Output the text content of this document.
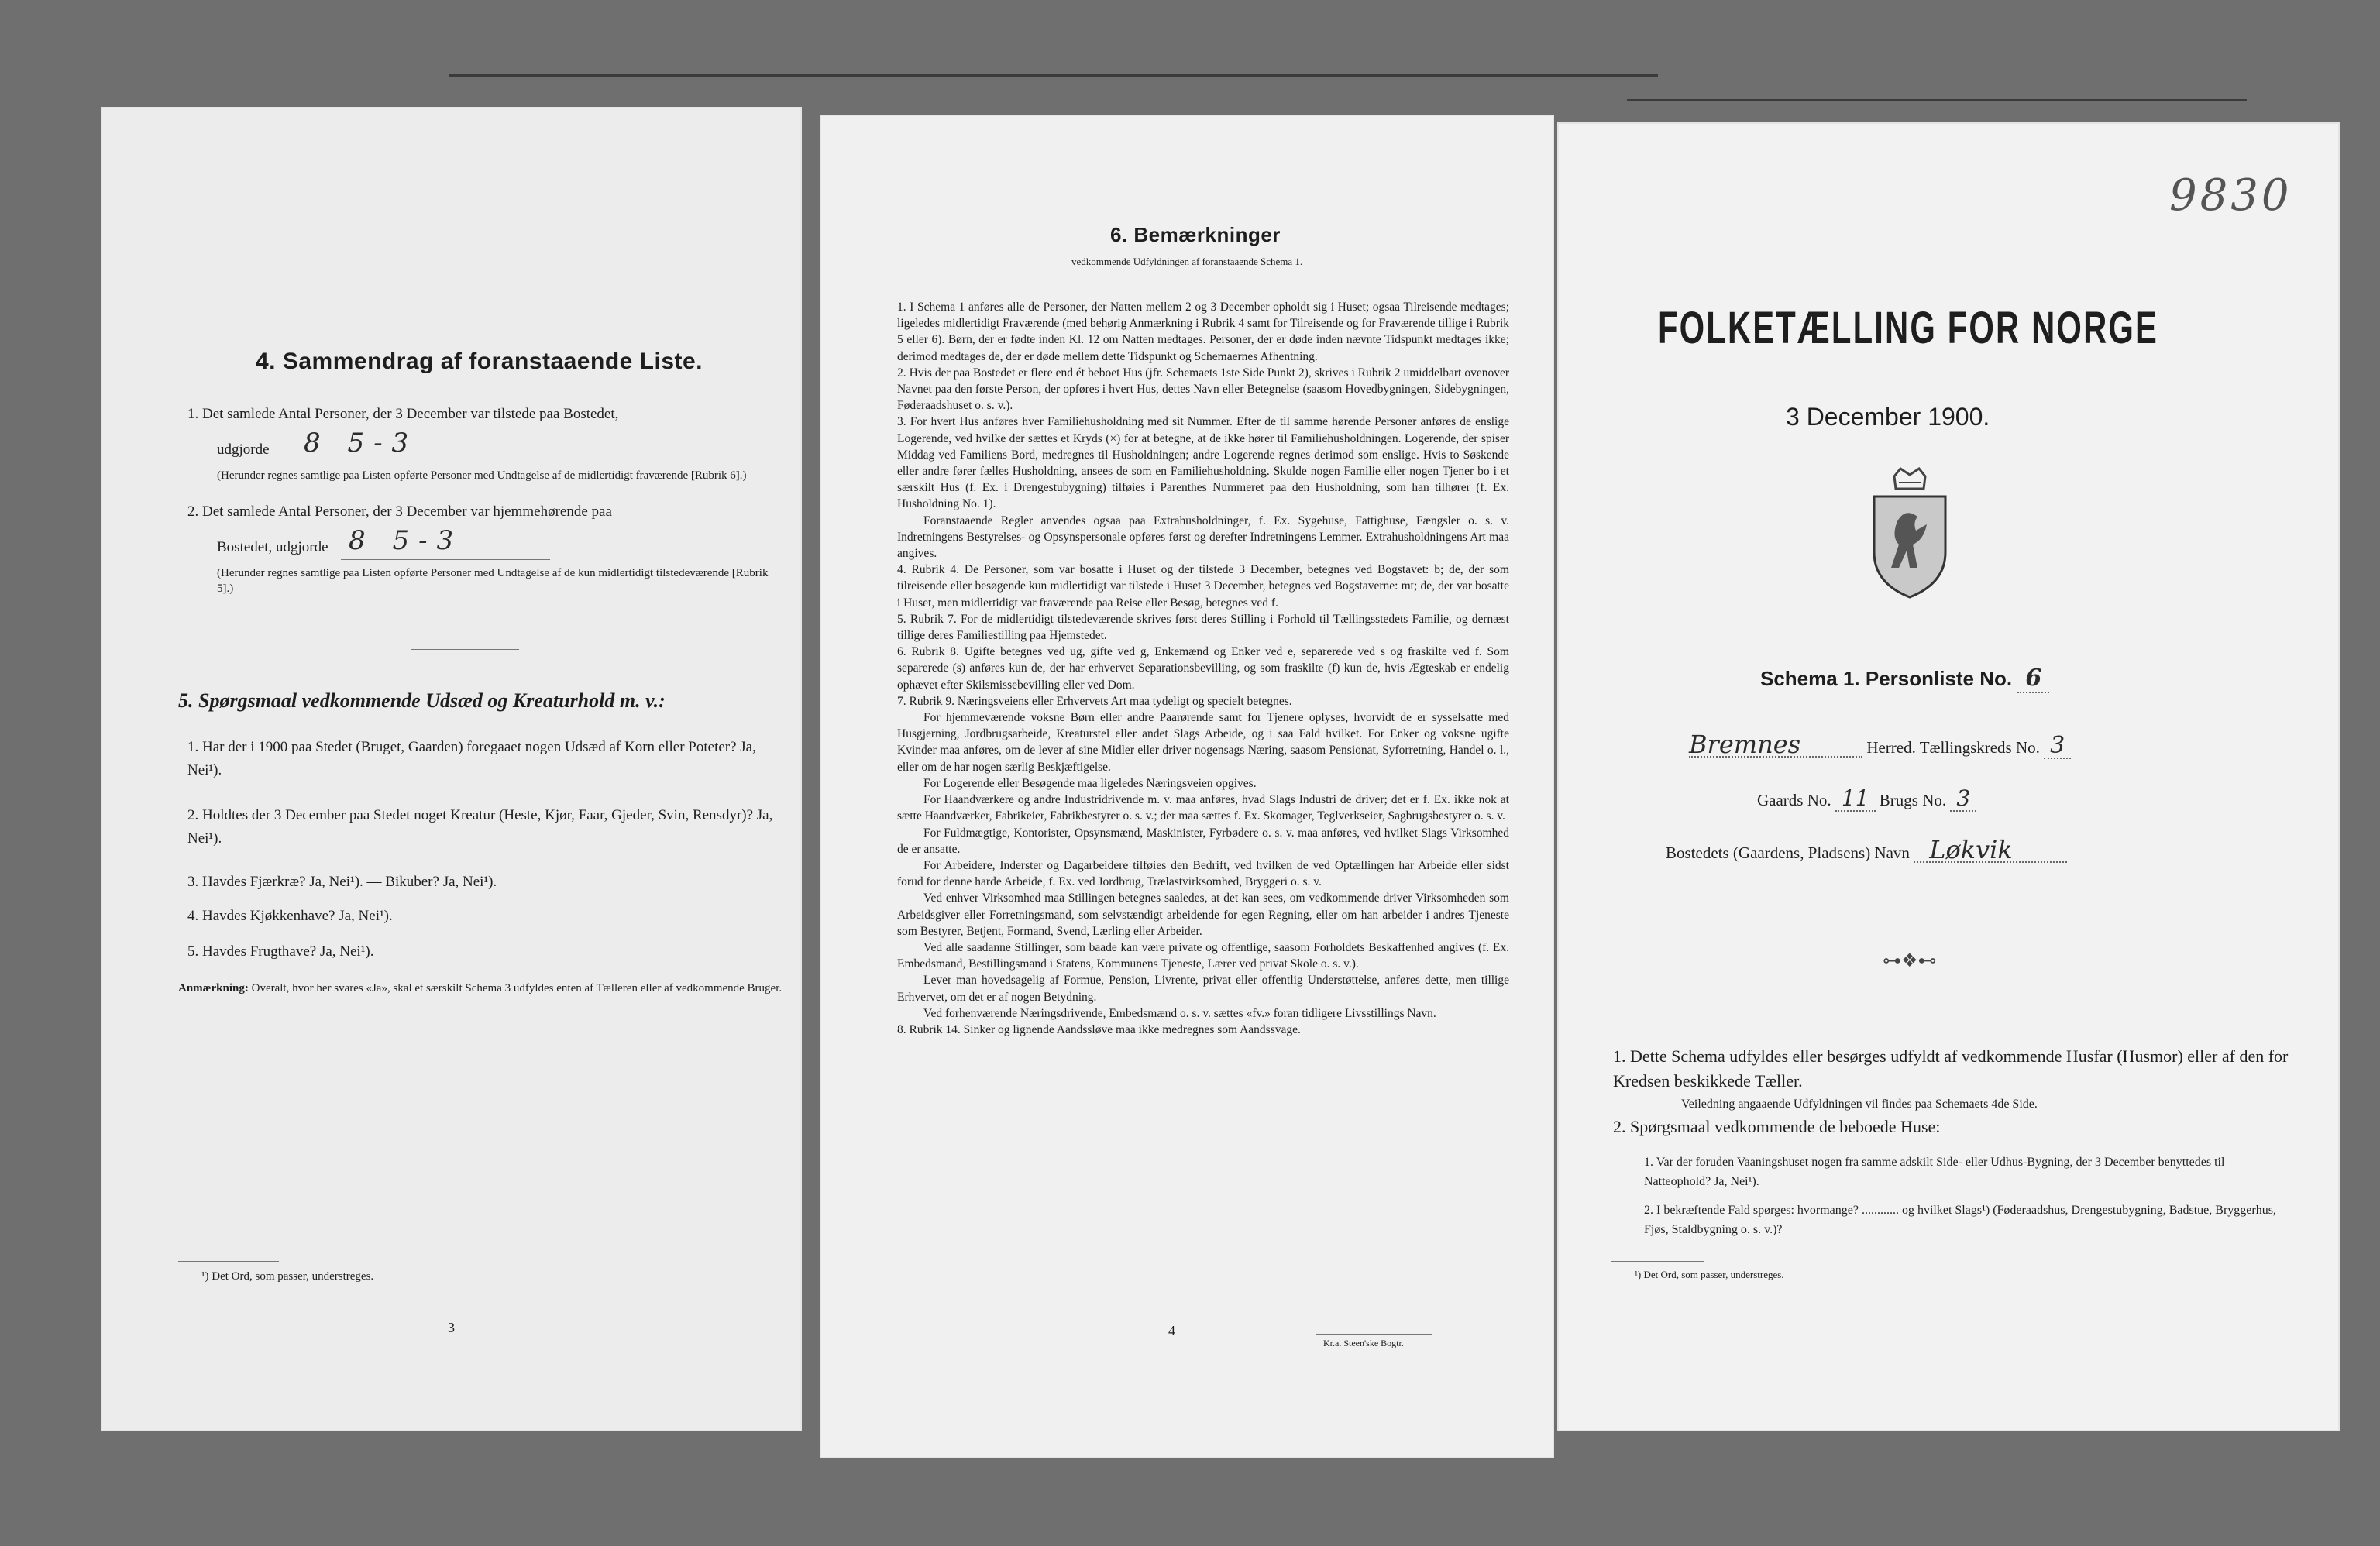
4. Sammendrag af foranstaaende Liste.
1. Det samlede Antal Personer, der 3 December var tilstede paa Bostedet,
udgjorde 8 5-3
(Herunder regnes samtlige paa Listen opførte Personer med Undtagelse af de midlertidigt fraværende [Rubrik 6].)
2. Det samlede Antal Personer, der 3 December var hjemmehørende paa
Bostedet, udgjorde 8 5-3
(Herunder regnes samtlige paa Listen opførte Personer med Undtagelse af de kun midlertidigt tilstedeværende [Rubrik 5].)
5. Spørgsmaal vedkommende Udsæd og Kreaturhold m. v.:
1. Har der i 1900 paa Stedet (Bruget, Gaarden) foregaaet nogen Udsæd af Korn eller Poteter? Ja, Nei¹).
2. Holdtes der 3 December paa Stedet noget Kreatur (Heste, Kjør, Faar, Gjeder, Svin, Rensdyr)? Ja, Nei¹).
3. Havdes Fjærkræ? Ja, Nei¹). — Bikuber? Ja, Nei¹).
4. Havdes Kjøkkenhave? Ja, Nei¹).
5. Havdes Frugthave? Ja, Nei¹).
Anmærkning: Overalt, hvor her svares «Ja», skal et særskilt Schema 3 udfyldes enten af Tælleren eller af vedkommende Bruger.
¹) Det Ord, som passer, understreges.
3
6. Bemærkninger
vedkommende Udfyldningen af foranstaaende Schema 1.

1. I Schema 1 anføres alle de Personer, der Natten mellem 2 og 3 December opholdt sig i Huset; ogsaa Tilreisende medtages; ligeledes midlertidigt Fraværende (med behørig Anmærkning i Rubrik 4 samt for Tilreisende og for Fraværende tillige i Rubrik 5 eller 6). Børn, der er fødte inden Kl. 12 om Natten medtages. Personer, der er døde inden nævnte Tidspunkt medtages ikke; derimod medtages de, der er døde mellem dette Tidspunkt og Schemaernes Afhentning.

2. Hvis der paa Bostedet er flere end ét beboet Hus (jfr. Schemaets 1ste Side Punkt 2), skrives i Rubrik 2 umiddelbart ovenover Navnet paa den første Person, der opføres i hvert Hus, dettes Navn eller Betegnelse (saasom Hovedbygningen, Sidebygningen, Føderaadshuset o. s. v.).

3. For hvert Hus anføres hver Familiehusholdning med sit Nummer. Efter de til samme hørende Personer anføres de enslige Logerende, ved hvilke der sættes et Kryds (×) for at betegne, at de ikke hører til Familiehusholdningen. Logerende, der spiser Middag ved Familiens Bord, medregnes til Husholdningen; andre Logerende regnes derimod som enslige. Hvis to Søskende eller andre fører fælles Husholdning, ansees de som en Familiehusholdning. Skulde nogen Familie eller nogen Tjener bo i et særskilt Hus (f. Ex. i Drengestubygning) tilføies i Parenthes Nummeret paa den Husholdning, som han tilhører (f. Ex. Husholdning No. 1).

Foranstaaende Regler anvendes ogsaa paa Extrahusholdninger, f. Ex. Sygehuse, Fattighuse, Fængsler o. s. v. Indretningens Bestyrelses- og Opsynspersonale opføres først og derefter Indretningens Lemmer. Extrahusholdningens Art maa angives.

4. Rubrik 4. De Personer, som var bosatte i Huset og der tilstede 3 December, betegnes ved Bogstavet: b; de, der som tilreisende eller besøgende kun midlertidigt var tilstede i Huset 3 December, betegnes ved Bogstaverne: mt; de, der var bosatte i Huset, men midlertidigt var fraværende paa Reise eller Besøg, betegnes ved f.

5. Rubrik 7. For de midlertidigt tilstedeværende skrives først deres Stilling i Forhold til Tællingsstedets Familie, og dernæst tillige deres Familiestilling paa Hjemstedet.

6. Rubrik 8. Ugifte betegnes ved ug, gifte ved g, Enkemænd og Enker ved e, separerede ved s og fraskilte ved f. Som separerede (s) anføres kun de, der har erhvervet Separationsbevilling, og som fraskilte (f) kun de, hvis Ægteskab er endelig ophævet efter Skilsmissebevilling eller ved Dom.

7. Rubrik 9. Næringsveiens eller Erhvervets Art maa tydeligt og specielt betegnes.

For hjemmeværende voksne Børn eller andre Paarørende samt for Tjenere oplyses, hvorvidt de er sysselsatte med Husgjerning, Jordbrugsarbeide, Kreaturstel eller andet Slags Arbeide, og i saa Fald hvilket. For Enker og voksne ugifte Kvinder maa anføres, om de lever af sine Midler eller driver nogensags Næring, saasom Pensionat, Syforretning, Handel o. l., eller om de har nogen særlig Beskjæftigelse.

For Logerende eller Besøgende maa ligeledes Næringsveien opgives.

For Haandværkere og andre Industridrivende m. v. maa anføres, hvad Slags Industri de driver; det er f. Ex. ikke nok at sætte Haandværker, Fabrikeier, Fabrikbestyrer o. s. v.; der maa sættes f. Ex. Skomager, Teglverkseier, Sagbrugsbestyrer o. s. v.

For Fuldmægtige, Kontorister, Opsynsmænd, Maskinister, Fyrbødere o. s. v. maa anføres, ved hvilket Slags Virksomhed de er ansatte.

For Arbeidere, Inderster og Dagarbeidere tilføies den Bedrift, ved hvilken de ved Optællingen har Arbeide eller sidst forud for denne harde Arbeide, f. Ex. ved Jordbrug, Trælastvirksomhed, Bryggeri o. s. v.

Ved enhver Virksomhed maa Stillingen betegnes saaledes, at det kan sees, om vedkommende driver Virksomheden som Arbeidsgiver eller Forretningsmand, som selvstændigt arbeidende for egen Regning, eller om han arbeider i andres Tjeneste som Bestyrer, Betjent, Formand, Svend, Lærling eller Arbeider.

Ved alle saadanne Stillinger, som baade kan være private og offentlige, saasom Forholdets Beskaffenhed angives (f. Ex. Embedsmand, Bestillingsmand i Statens, Kommunens Tjeneste, Lærer ved privat Skole o. s. v.).

Lever man hovedsagelig af Formue, Pension, Livrente, privat eller offentlig Understøttelse, anføres dette, men tillige Erhvervet, om det er af nogen Betydning.

Ved forhenværende Næringsdrivende, Embedsmænd o. s. v. sættes «fv.» foran tidligere Livsstillings Navn.

8. Rubrik 14. Sinker og lignende Aandssløve maa ikke medregnes som Aandssvage.

4
Kr.a. Steen'ske Bogtr.
9830
FOLKETÆLLING FOR NORGE
3 December 1900.
Schema 1. Personliste No. 6
Bremnes	Herred. Tællingskreds No. 3
Gaards No. 11 Brugs No. 3
Bostedets (Gaardens, Pladsens) Navn Løkvik
⊶❖⊷
1. Dette Schema udfyldes eller besørges udfyldt af vedkommende Husfar (Husmor) eller af den for Kredsen beskikkede Tæller.
Veiledning angaaende Udfyldningen vil findes paa Schemaets 4de Side.
2. Spørgsmaal vedkommende de beboede Huse:
1. Var der foruden Vaaningshuset nogen fra samme adskilt Side- eller Udhus-Bygning, der 3 December benyttedes til Natteophold? Ja, Nei¹).
2. I bekræftende Fald spørges: hvormange? ............ og hvilket Slags¹) (Føderaadshus, Drengestubygning, Badstue, Bryggerhus, Fjøs, Staldbygning o. s. v.)?
¹) Det Ord, som passer, understreges.
